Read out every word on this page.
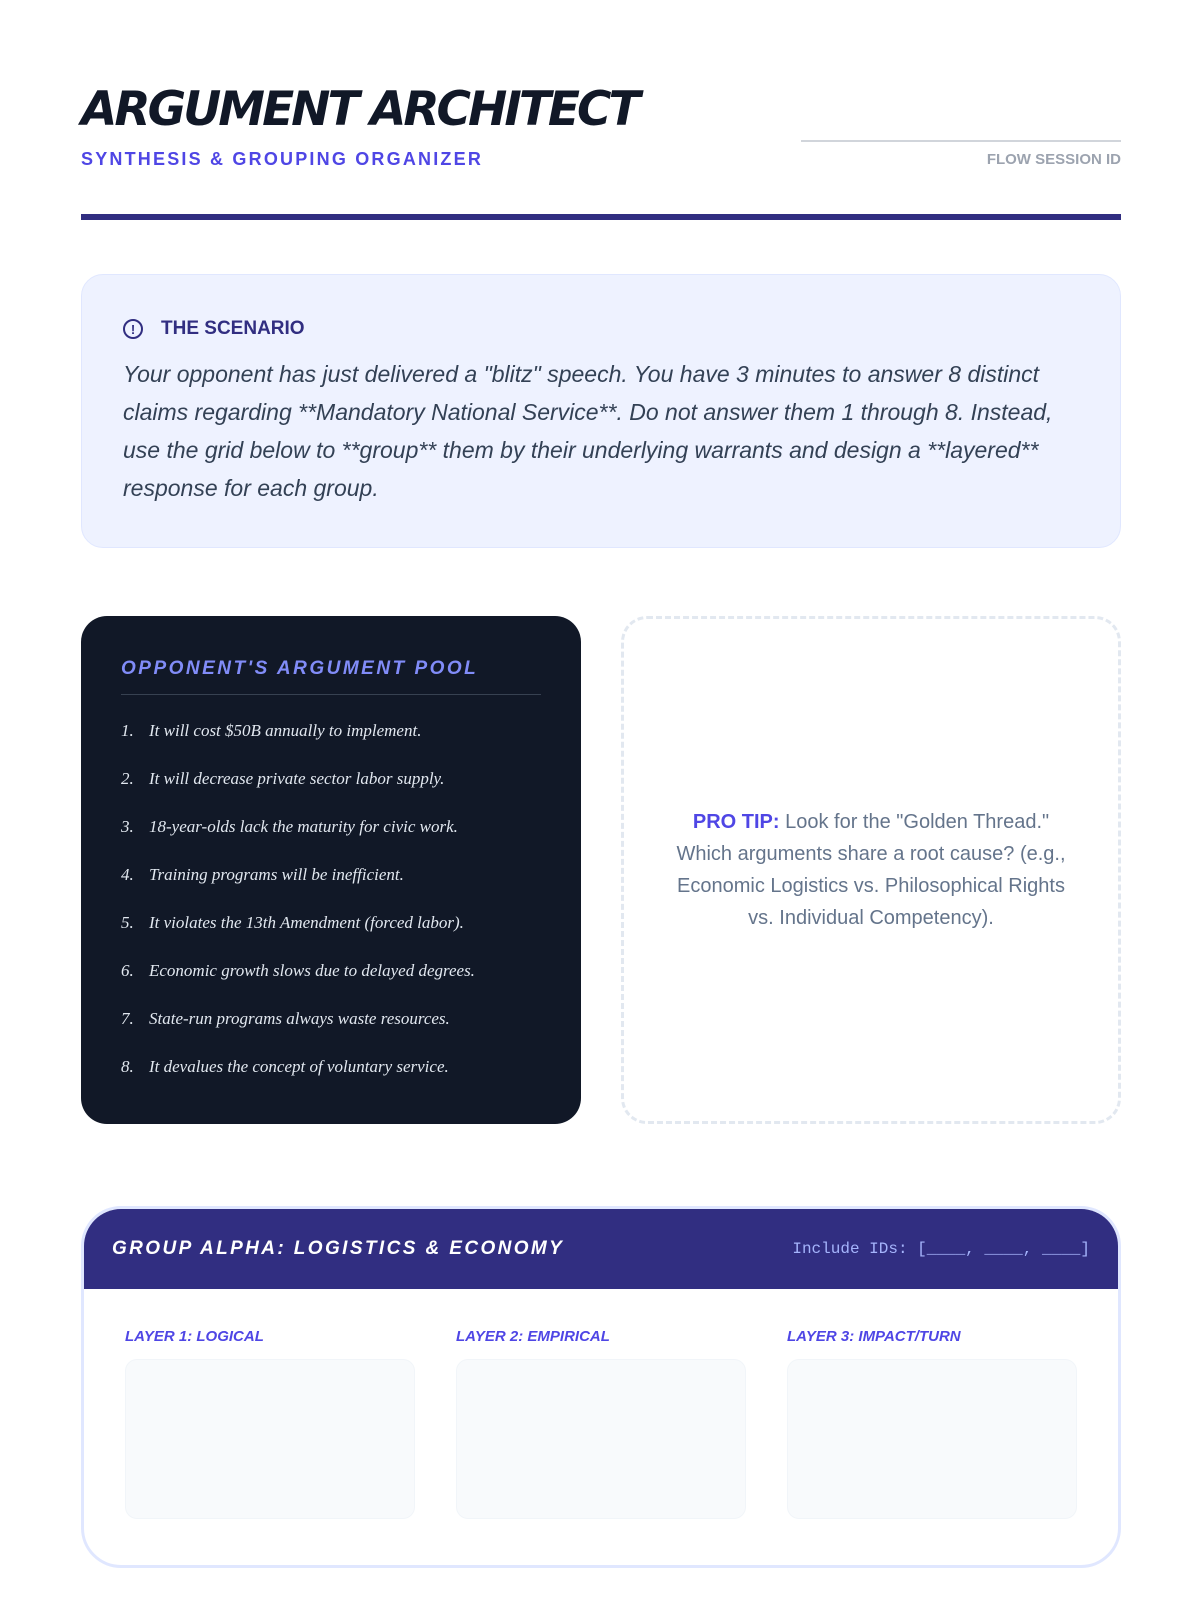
ARGUMENT ARCHITECT
SYNTHESIS & GROUPING ORGANIZER	FLOW SESSION ID
!	THE SCENARIO
Your opponent has just delivered a "blitz" speech. You have 3 minutes to answer 8 distinct claims regarding **Mandatory National Service**. Do not answer them 1 through 8. Instead, use the grid below to **group** them by their underlying warrants and design a **layered** response for each group.
OPPONENT'S ARGUMENT POOL
1. It will cost $50B annually to implement.
2. It will decrease private sector labor supply.
3. 18-year-olds lack the maturity for civic work.
4. Training programs will be inefficient.
5. It violates the 13th Amendment (forced labor).
6. Economic growth slows due to delayed degrees.
7. State-run programs always waste resources.
8. It devalues the concept of voluntary service.
PRO TIP: Look for the "Golden Thread." Which arguments share a root cause? (e.g., Economic Logistics vs. Philosophical Rights vs. Individual Competency).
GROUP ALPHA: LOGISTICS & ECONOMY	Include IDs: [____, ____, ____]
LAYER 1: LOGICAL	LAYER 2: EMPIRICAL	LAYER 3: IMPACT/TURN
